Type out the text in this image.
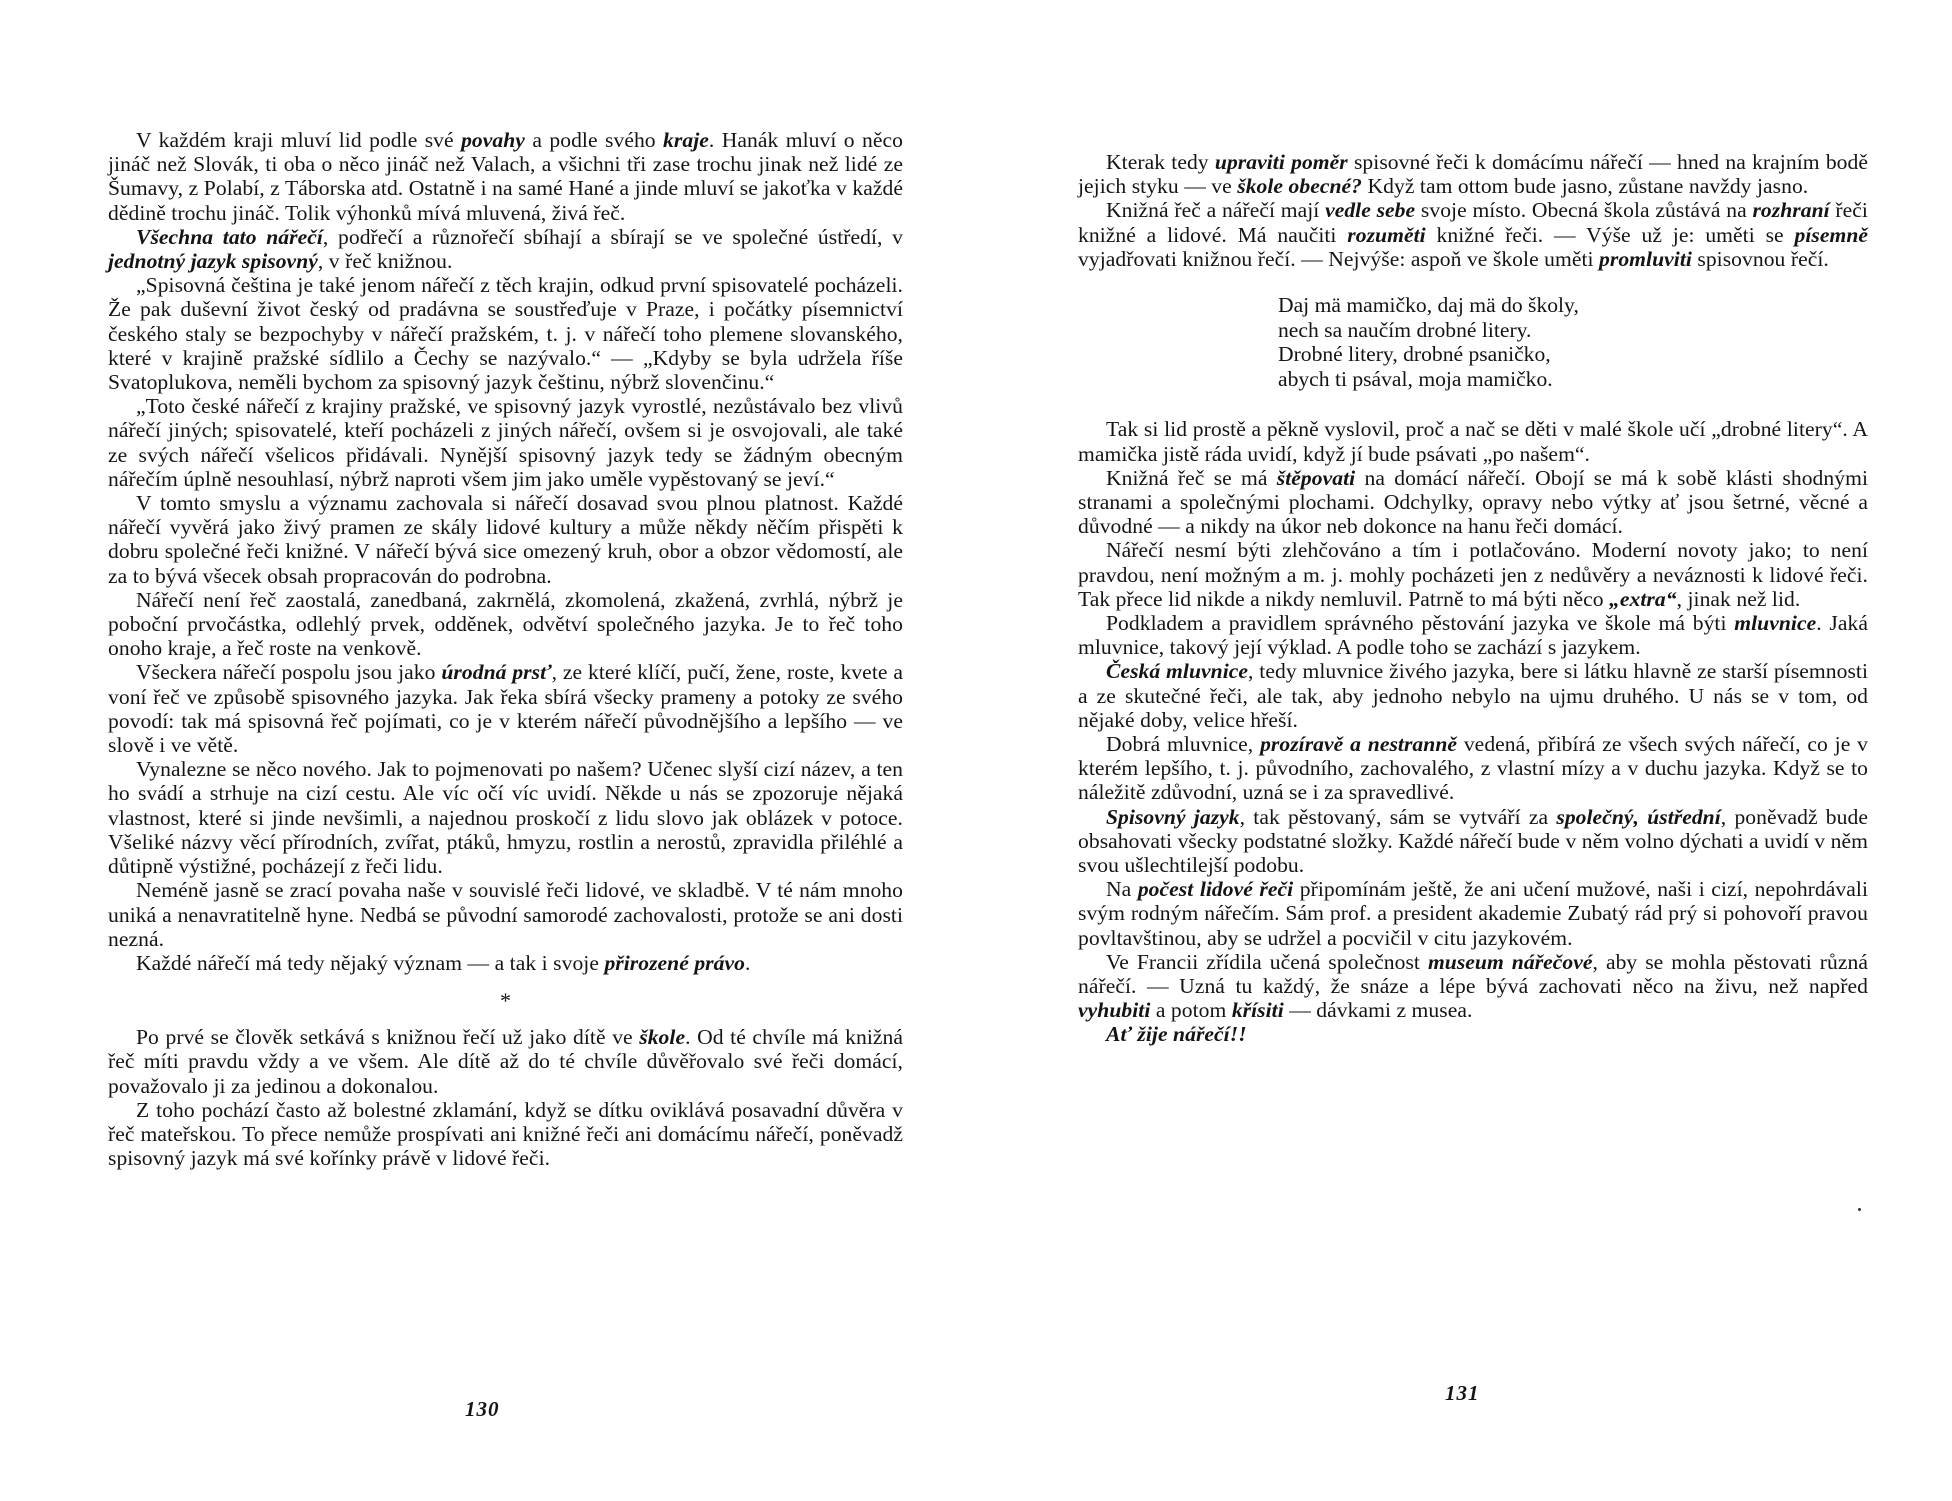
V každém kraji mluví lid podle své povahy a podle svého kraje. Hanák mluví o něco jináč než Slovák, ti oba o něco jináč než Valach, a všichni tři zase trochu jinak než lidé ze Šumavy, z Polabí, z Táborska atd. Ostatně i na samé Hané a jinde mluví se jakoťka v každé dědině trochu jináč. Tolik výhonků mívá mluvená, živá řeč.

Všechna tato nářečí, podřečí a různořečí sbíhají a sbírají se ve společné ústředí, v jednotný jazyk spisovný, v řeč knižnou.

„Spisovná čeština je také jenom nářečí z těch krajin, odkud první spisovatelé pocházeli. Že pak duševní život český od pradávna se soustřeďuje v Praze, i počátky písemnictví českého staly se bezpochyby v nářečí pražském, t. j. v nářečí toho plemene slovanského, které v krajině pražské sídlilo a Čechy se nazývalo.“ — „Kdyby se byla udržela říše Svatoplukova, neměli bychom za spisovný jazyk češtinu, nýbrž slovenčinu.“

„Toto české nářečí z krajiny pražské, ve spisovný jazyk vyrostlé, nezůstávalo bez vlivů nářečí jiných; spisovatelé, kteří pocházeli z jiných nářečí, ovšem si je osvojovali, ale také ze svých nářečí všelicos přidávali. Nynější spisovný jazyk tedy se žádným obecným nářečím úplně nesouhlasí, nýbrž naproti všem jim jako uměle vypěstovaný se jeví.“

V tomto smyslu a významu zachovala si nářečí dosavad svou plnou platnost. Každé nářečí vyvěrá jako živý pramen ze skály lidové kultury a může někdy něčím přispěti k dobru společné řeči knižné. V nářečí bývá sice omezený kruh, obor a obzor vědomostí, ale za to bývá všecek obsah propracován do podrobna.

Nářečí není řeč zaostalá, zanedbaná, zakrnělá, zkomolená, zkažená, zvrhlá, nýbrž je poboční prvočástka, odlehlý prvek, odděnek, odvětví společného jazyka. Je to řeč toho onoho kraje, a řeč roste na venkově.

Všeckera nářečí pospolu jsou jako úrodná prsť, ze které klíčí, pučí, žene, roste, kvete a voní řeč ve způsobě spisovného jazyka. Jak řeka sbírá všecky prameny a potoky ze svého povodí: tak má spisovná řeč pojímati, co je v kterém nářečí původnějšího a lepšího — ve slově i ve větě.

Vynalezne se něco nového. Jak to pojmenovati po našem? Učenec slyší cizí název, a ten ho svádí a strhuje na cizí cestu. Ale víc očí víc uvidí. Někde u nás se zpozoruje nějaká vlastnost, které si jinde nevšimli, a najednou proskočí z lidu slovo jak oblázek v potoce. Všeliké názvy věcí přírodních, zvířat, ptáků, hmyzu, rostlin a nerostů, zpravidla přiléhlé a důtipně výstižné, pocházejí z řeči lidu.

Neméně jasně se zrací povaha naše v souvislé řeči lidové, ve skladbě. V té nám mnoho uniká a nenavratitelně hyne. Nedbá se původní samorodé zachovalosti, protože se ani dosti nezná.

Každé nářečí má tedy nějaký význam — a tak i svoje přirozené právo.

*

Po prvé se člověk setkává s knižnou řečí už jako dítě ve škole. Od té chvíle má knižná řeč míti pravdu vždy a ve všem. Ale dítě až do té chvíle důvěřovalo své řeči domácí, považovalo ji za jedinou a dokonalou.

Z toho pochází často až bolestné zklamání, když se dítku oviklává posavadní důvěra v řeč mateřskou. To přece nemůže prospívati ani knižné řeči ani domácímu nářečí, poněvadž spisovný jazyk má své kořínky právě v lidové řeči.

Kterak tedy upraviti poměr spisovné řeči k domácímu nářečí — hned na krajním bodě jejich styku — ve škole obecné? Když tam ottom bude jasno, zůstane navždy jasno.

Knižná řeč a nářečí mají vedle sebe svoje místo. Obecná škola zůstává na rozhraní řeči knižné a lidové. Má naučiti rozuměti knižné řeči. — Výše už je: uměti se písemně vyjadřovati knižnou řečí. — Nejvýše: aspoň ve škole uměti promluviti spisovnou řečí.

Daj mä mamičko, daj mä do školy,
nech sa naučím drobné litery.
Drobné litery, drobné psaničko,
abych ti psával, moja mamičko.

Tak si lid prostě a pěkně vyslovil, proč a nač se děti v malé škole učí „drobné litery“. A mamička jistě ráda uvidí, když jí bude psávati „po našem“.

Knižná řeč se má štěpovati na domácí nářečí. Obojí se má k sobě klásti shodnými stranami a společnými plochami. Odchylky, opravy nebo výtky ať jsou šetrné, věcné a důvodné — a nikdy na úkor neb dokonce na hanu řeči domácí.

Nářečí nesmí býti zlehčováno a tím i potlačováno. Moderní novoty jako; to není pravdou, není možným a m. j. mohly pocházeti jen z nedůvěry a neváznosti k lidové řeči. Tak přece lid nikde a nikdy nemluvil. Patrně to má býti něco „extra“, jinak než lid.

Podkladem a pravidlem správného pěstování jazyka ve škole má býti mluvnice. Jaká mluvnice, takový její výklad. A podle toho se zachází s jazykem.

Česká mluvnice, tedy mluvnice živého jazyka, bere si látku hlavně ze starší písemnosti a ze skutečné řeči, ale tak, aby jednoho nebylo na ujmu druhého. U nás se v tom, od nějaké doby, velice hřeší.

Dobrá mluvnice, prozíravě a nestranně vedená, přibírá ze všech svých nářečí, co je v kterém lepšího, t. j. původního, zachovalého, z vlastní mízy a v duchu jazyka. Když se to náležitě zdůvodní, uzná se i za spravedlivé.

Spisovný jazyk, tak pěstovaný, sám se vytváří za společný, ústřední, poněvadž bude obsahovati všecky podstatné složky. Každé nářečí bude v něm volno dýchati a uvidí v něm svou ušlechtilejší podobu.

Na počest lidové řeči připomínám ještě, že ani učení mužové, naši i cizí, nepohrdávali svým rodným nářečím. Sám prof. a president akademie Zubatý rád prý si pohovoří pravou povltavštinou, aby se udržel a pocvičil v citu jazykovém.

Ve Francii zřídila učená společnost museum nářečové, aby se mohla pěstovati různá nářečí. — Uzná tu každý, že snáze a lépe bývá zachovati něco na živu, než napřed vyhubiti a potom křísiti — dávkami z musea.

Ať žije nářečí!!

130
131
